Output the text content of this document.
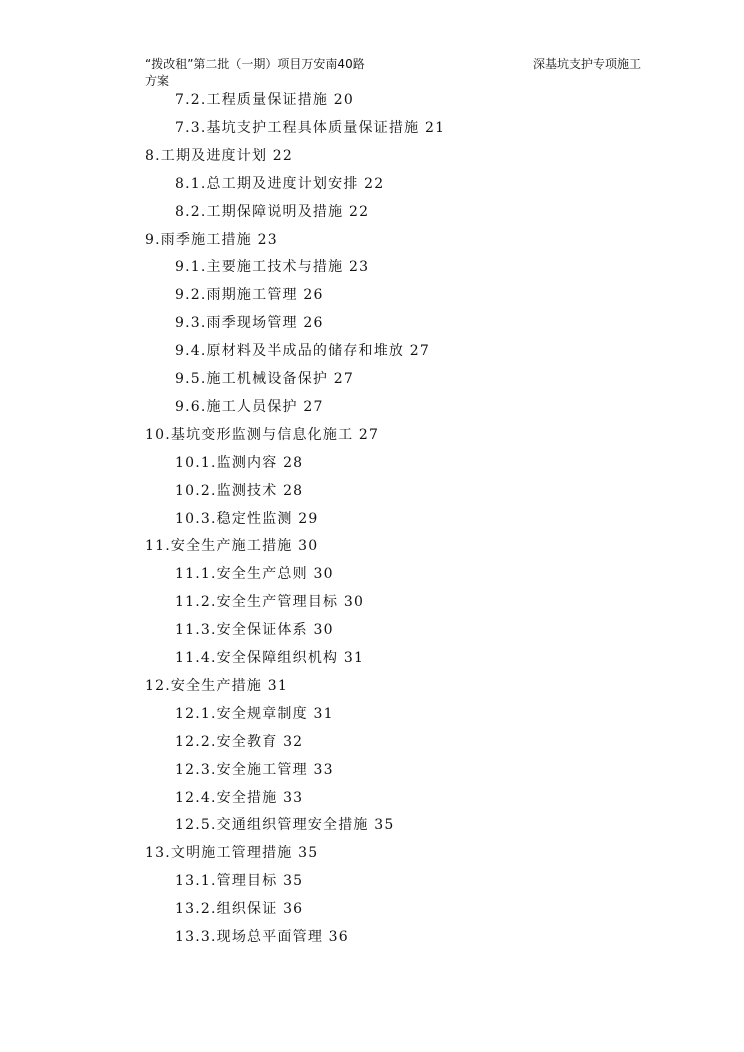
“拨改租”第二批（一期）项目万安南40路方案
深基坑支护专项施工
7.2.工程质量保证措施 20
7.3.基坑支护工程具体质量保证措施 21
8.工期及进度计划 22
8.1.总工期及进度计划安排 22
8.2.工期保障说明及措施 22
9.雨季施工措施 23
9.1.主要施工技术与措施 23
9.2.雨期施工管理 26
9.3.雨季现场管理 26
9.4.原材料及半成品的储存和堆放 27
9.5.施工机械设备保护 27
9.6.施工人员保护 27
10.基坑变形监测与信息化施工 27
10.1.监测内容 28
10.2.监测技术 28
10.3.稳定性监测 29
11.安全生产施工措施 30
11.1.安全生产总则 30
11.2.安全生产管理目标 30
11.3.安全保证体系 30
11.4.安全保障组织机构 31
12.安全生产措施 31
12.1.安全规章制度 31
12.2.安全教育 32
12.3.安全施工管理 33
12.4.安全措施 33
12.5.交通组织管理安全措施 35
13.文明施工管理措施 35
13.1.管理目标 35
13.2.组织保证 36
13.3.现场总平面管理 36
